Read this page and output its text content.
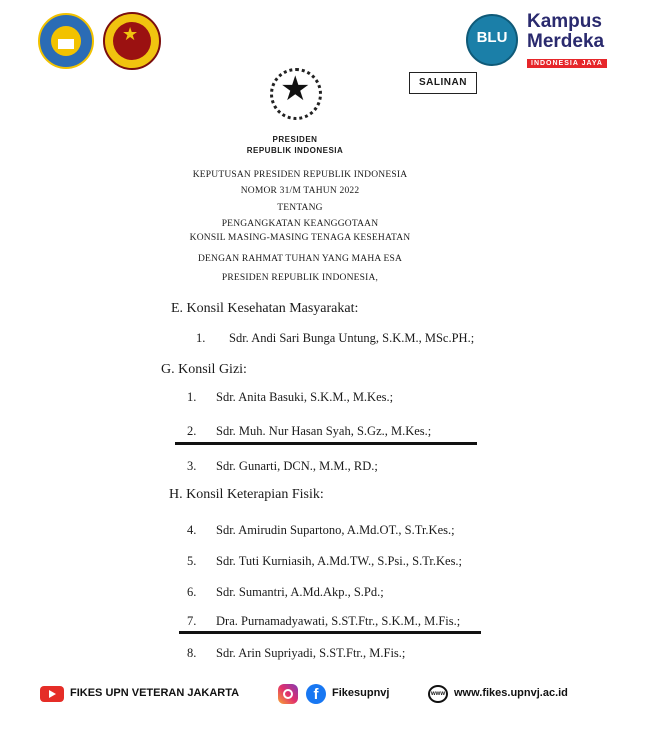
★	BLU
Kampus
Merdeka
INDONESIA JAYA
★	SALINAN
PRESIDEN
REPUBLIK INDONESIA
KEPUTUSAN PRESIDEN REPUBLIK INDONESIA
NOMOR 31/M TAHUN 2022
TENTANG
PENGANGKATAN KEANGGOTAAN
KONSIL MASING-MASING TENAGA KESEHATAN
DENGAN RAHMAT TUHAN YANG MAHA ESA
PRESIDEN REPUBLIK INDONESIA,
E. Konsil Kesehatan Masyarakat:
1. Sdr. Andi Sari Bunga Untung, S.K.M., MSc.PH.;
G. Konsil Gizi:
1. Sdr. Anita Basuki, S.K.M., M.Kes.;
2. Sdr. Muh. Nur Hasan Syah, S.Gz., M.Kes.;
3. Sdr. Gunarti, DCN., M.M., RD.;
H. Konsil Keterapian Fisik:
4. Sdr. Amirudin Supartono, A.Md.OT., S.Tr.Kes.;
5. Sdr. Tuti Kurniasih, A.Md.TW., S.Psi., S.Tr.Kes.;
6. Sdr. Sumantri, A.Md.Akp., S.Pd.;
7. Dra. Purnamadyawati, S.ST.Ftr., S.K.M., M.Fis.;
8. Sdr. Arin Supriyadi, S.ST.Ftr., M.Fis.;
FIKES UPN VETERAN JAKARTA	f	Fikesupnvj	www www.fikes.upnvj.ac.id
